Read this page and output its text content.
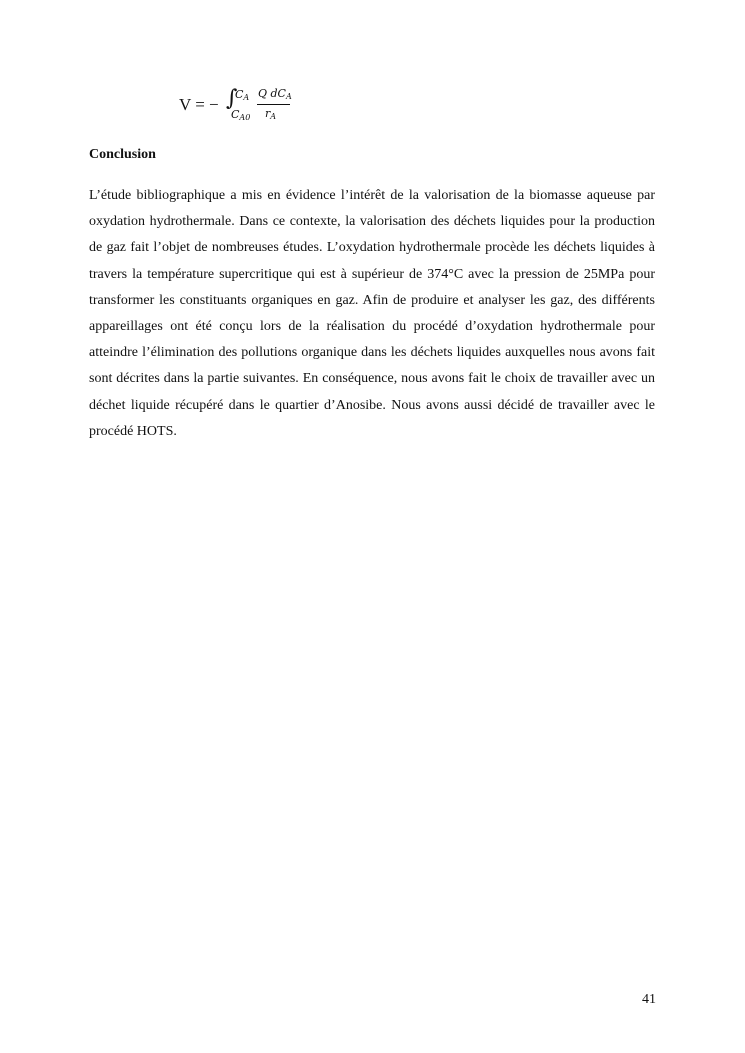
V = − ∫
$C_A$
$C_{A0}$
Q $dC_A$
$r_A$
Conclusion

L’étude bibliographique a mis en évidence l’intérêt de la valorisation de la biomasse aqueuse par oxydation hydrothermale. Dans ce contexte, la valorisation des déchets liquides pour la production de gaz fait l’objet de nombreuses études. L’oxydation hydrothermale procède les déchets liquides à travers la température supercritique qui est à supérieur de 374°C avec la pression de 25MPa pour transformer les constituants organiques en gaz. Afin de produire et analyser les gaz, des différents appareillages ont été conçu lors de la réalisation du procédé d’oxydation hydrothermale pour atteindre l’élimination des pollutions organique dans les déchets liquides auxquelles nous avons fait sont décrites dans la partie suivantes. En conséquence, nous avons fait le choix de travailler avec un déchet liquide récupéré dans le quartier d’Anosibe. Nous avons aussi décidé de travailler avec le procédé HOTS.

41
